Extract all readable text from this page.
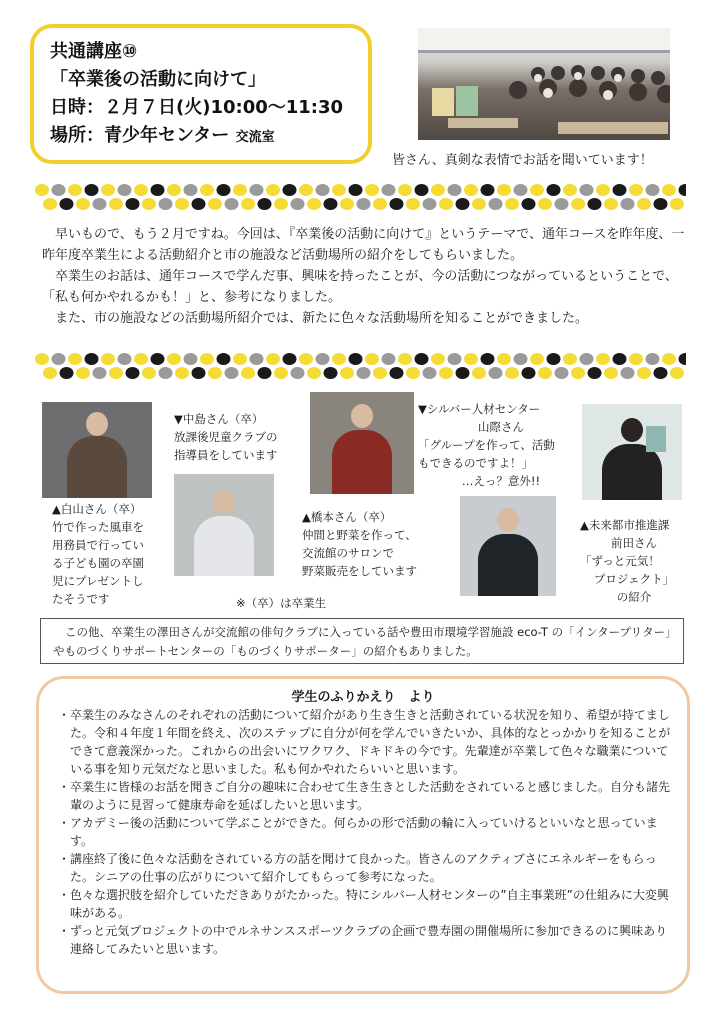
共通講座⑩
「卒業後の活動に向けて」
日時：２月７日(火)10:00～11:30
場所：青少年センター 交流室
皆さん、真剣な表情でお話を聞いています！

早いもので、もう２月ですね。今回は、『卒業後の活動に向けて』というテーマで、通年コースを昨年度、一昨年度卒業生による活動紹介と市の施設など活動場所の紹介をしてもらいました。

卒業生のお話は、通年コースで学んだ事、興味を持ったことが、今の活動につながっているということで、「私も何かやれるかも！」と、参考になりました。

また、市の施設などの活動場所紹介では、新たに色々な活動場所を知ることができました。

▲白山さん（卒）
竹で作った風車を
用務員で行ってい
る子ども園の卒園
児にプレゼントし
たそうです
▼中島さん（卒）
放課後児童クラブの
指導員をしています
▲橋本さん（卒）
仲間と野菜を作って、
交流館のサロンで
野菜販売をしています
▼シルバー人材センター
山際さん
「グループを作って、活動
もできるのですよ！」
…えっ？意外!!
▲未来都市推進課
前田さん
「ずっと元気！
プロジェクト」
の紹介
※（卒）は卒業生
この他、卒業生の澤田さんが交流館の俳句クラブに入っている話や豊田市環境学習施設 eco-T の「インタープリター」やものづくりサポートセンターの「ものづくりサポーター」の紹介もありました。
学生のふりかえり　より
・ 卒業生のみなさんのそれぞれの活動について紹介があり生き生きと活動されている状況を知り、希望が持てました。令和４年度１年間を終え、次のステップに自分が何を学んでいきたいか、具体的なとっかかりを知ることができて意義深かった。これからの出会いにワクワク、ドキドキの今です。先輩達が卒業して色々な職業についている事を知り元気だなと思いました。私も何かやれたらいいと思います。
・ 卒業生に皆様のお話を聞きご自分の趣味に合わせて生き生きとした活動をされていると感じました。自分も諸先輩のように見習って健康寿命を延ばしたいと思います。
・ アカデミー後の活動について学ぶことができた。何らかの形で活動の輪に入っていけるといいなと思っています。
・ 講座終了後に色々な活動をされている方の話を聞けて良かった。皆さんのアクティブさにエネルギーをもらった。シニアの仕事の広がりについて紹介してもらって参考になった。
・ 色々な選択肢を紹介していただきありがたかった。特にシルバー人材センターの”自主事業班”の仕組みに大変興味がある。
・ ずっと元気プロジェクトの中でルネサンススポーツクラブの企画で豊寿園の開催場所に参加できるのに興味あり連絡してみたいと思います。
